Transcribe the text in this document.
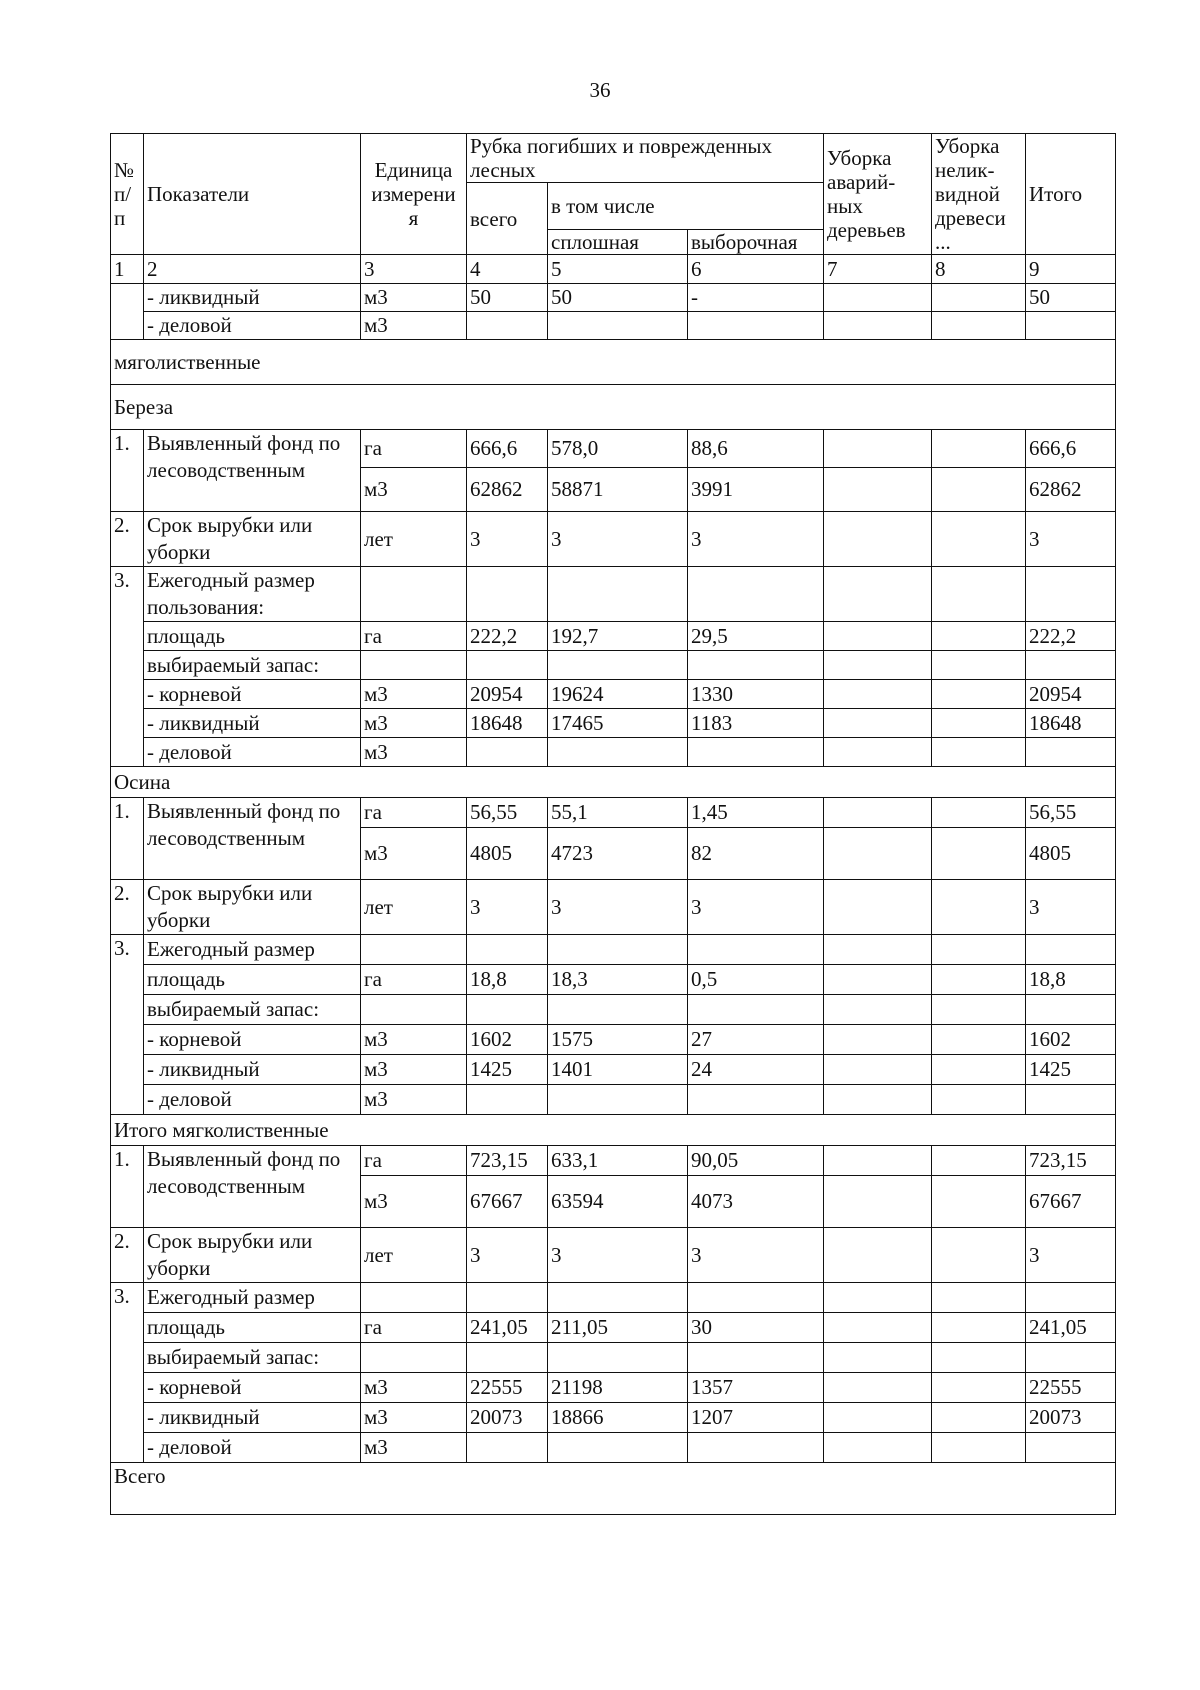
36
№ п/ п	Показатели	Единица измерени я	Рубка погибших и поврежденных лесных			Уборка аварий- ных деревьев	Уборка нелик- видной древеси ...	Итого
			всего	в том числе				
				сплошная	выборочная			
1	2	3	4	5	6	7	8	9
	- ликвидный	м3	50	50	-			50
	- деловой	м3						
мяголиственные								
Береза								
1.	Выявленный фонд по лесоводственным	га	666,6	578,0	88,6			666,6
		м3	62862	58871	3991			62862
2.	Срок вырубки или уборки	лет	3	3	3			3
3.	Ежегодный размер пользования:							
	площадь	га	222,2	192,7	29,5			222,2
	выбираемый запас:							
	- корневой	м3	20954	19624	1330			20954
	- ликвидный	м3	18648	17465	1183			18648
	- деловой	м3						
Осина								
1.	Выявленный фонд по лесоводственным	га	56,55	55,1	1,45			56,55
		м3	4805	4723	82			4805
2.	Срок вырубки или уборки	лет	3	3	3			3
3.	Ежегодный размер							
	площадь	га	18,8	18,3	0,5			18,8
	выбираемый запас:							
	- корневой	м3	1602	1575	27			1602
	- ликвидный	м3	1425	1401	24			1425
	- деловой	м3						
Итого мягколиственные								
1.	Выявленный фонд по лесоводственным	га	723,15	633,1	90,05			723,15
		м3	67667	63594	4073			67667
2.	Срок вырубки или уборки	лет	3	3	3			3
3.	Ежегодный размер							
	площадь	га	241,05	211,05	30			241,05
	выбираемый запас:							
	- корневой	м3	22555	21198	1357			22555
	- ликвидный	м3	20073	18866	1207			20073
	- деловой	м3						
Всего								
